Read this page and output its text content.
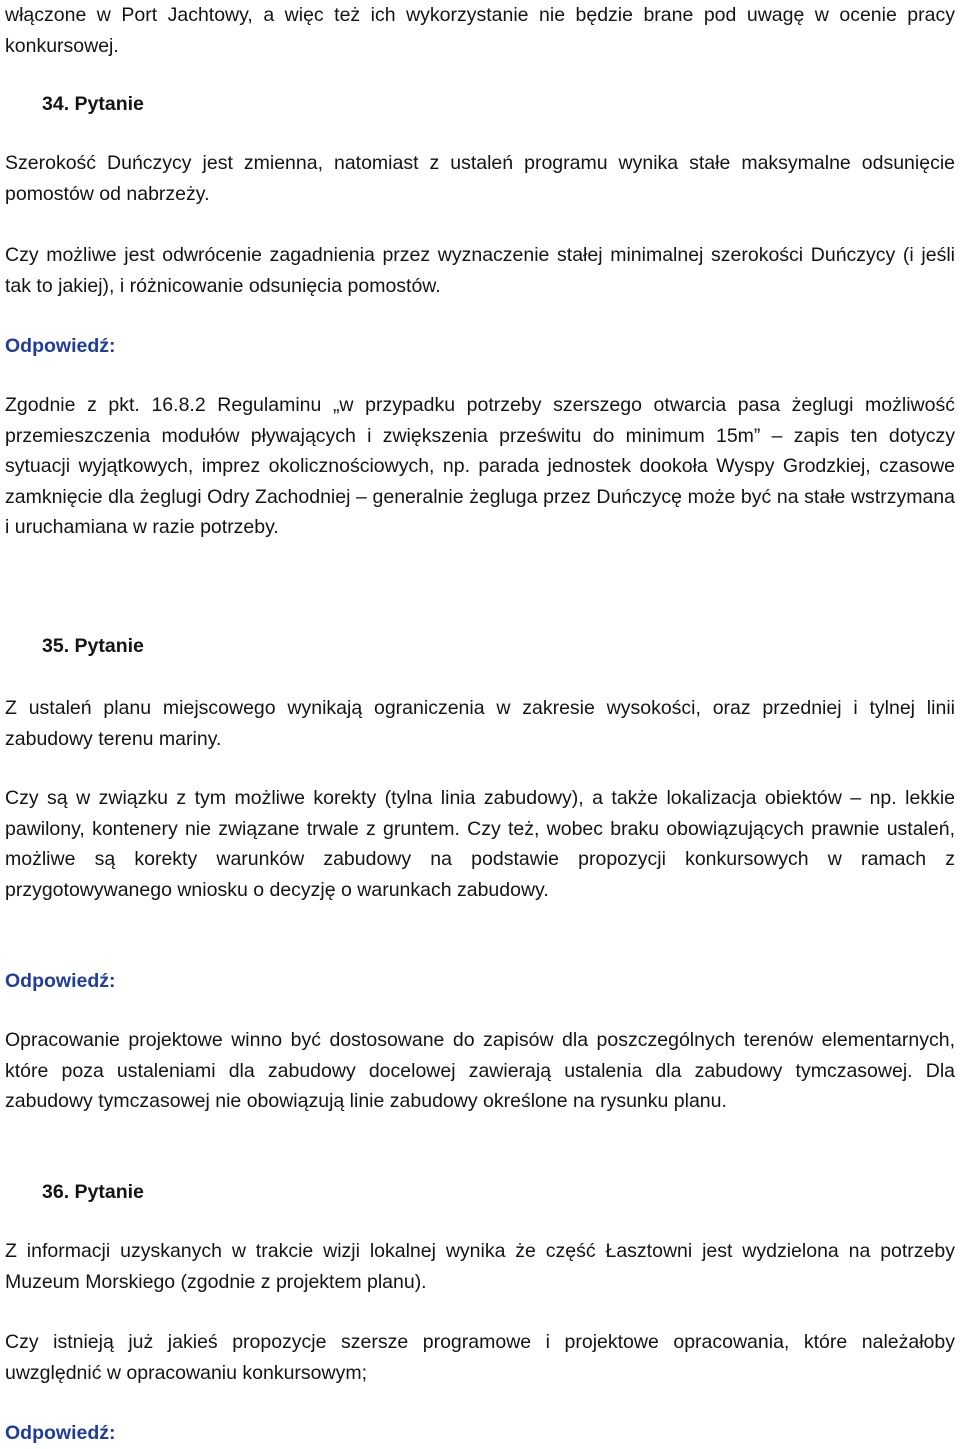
włączone w Port Jachtowy, a więc też ich wykorzystanie nie będzie brane pod uwagę w ocenie pracy konkursowej.

34. Pytanie

Szerokość Duńczycy jest zmienna, natomiast z ustaleń programu wynika stałe maksymalne odsunięcie pomostów od nabrzeży.

Czy możliwe jest odwrócenie zagadnienia przez wyznaczenie stałej minimalnej szerokości Duńczycy (i jeśli tak to jakiej), i różnicowanie odsunięcia pomostów.

Odpowiedź:

Zgodnie z pkt. 16.8.2 Regulaminu „w przypadku potrzeby szerszego otwarcia pasa żeglugi możliwość przemieszczenia modułów pływających i zwiększenia prześwitu do minimum 15m” – zapis ten dotyczy sytuacji wyjątkowych, imprez okolicznościowych, np. parada jednostek dookoła Wyspy Grodzkiej, czasowe zamknięcie dla żeglugi Odry Zachodniej – generalnie żegluga przez Duńczycę może być na stałe wstrzymana i uruchamiana w razie potrzeby.

35. Pytanie

Z ustaleń planu miejscowego wynikają ograniczenia w zakresie wysokości, oraz przedniej i tylnej linii zabudowy terenu mariny.

Czy są w związku z tym możliwe korekty (tylna linia zabudowy), a także lokalizacja obiektów – np. lekkie pawilony, kontenery nie związane trwale z gruntem. Czy też, wobec braku obowiązujących prawnie ustaleń, możliwe są korekty warunków zabudowy na podstawie propozycji konkursowych w ramach z przygotowywanego wniosku o decyzję o warunkach zabudowy.

Odpowiedź:

Opracowanie projektowe winno być dostosowane do zapisów dla poszczególnych terenów elementarnych, które poza ustaleniami dla zabudowy docelowej zawierają ustalenia dla zabudowy tymczasowej. Dla zabudowy tymczasowej nie obowiązują linie zabudowy określone na rysunku planu.

36. Pytanie

Z informacji uzyskanych w trakcie wizji lokalnej wynika że część Łasztowni jest wydzielona na potrzeby Muzeum Morskiego (zgodnie z projektem planu).

Czy istnieją już jakieś propozycje szersze programowe i projektowe opracowania, które należałoby uwzględnić w opracowaniu konkursowym;

Odpowiedź:
